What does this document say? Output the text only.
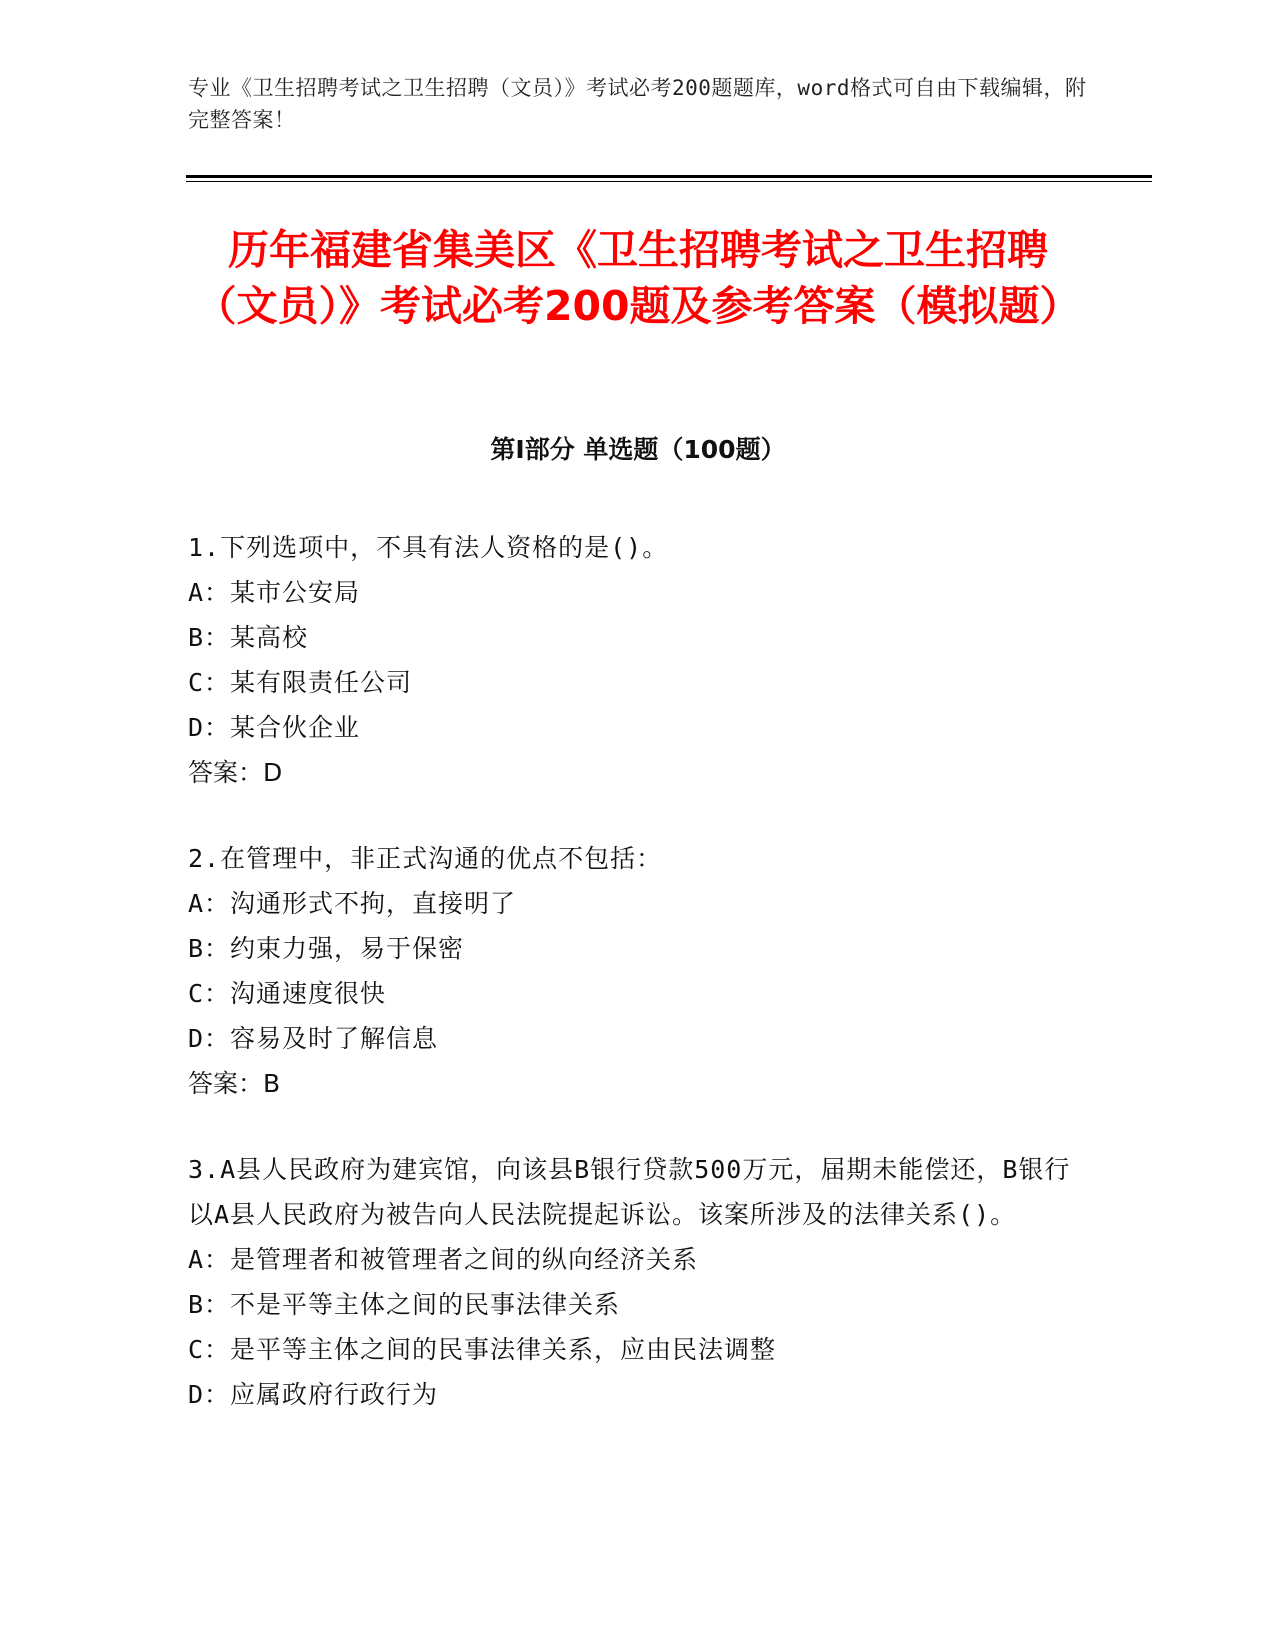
专业《卫生招聘考试之卫生招聘（文员）》考试必考200题题库，word格式可自由下载编辑，附完整答案！
历年福建省集美区《卫生招聘考试之卫生招聘（文员）》考试必考200题及参考答案（模拟题）
第I部分 单选题（100题）
1.下列选项中，不具有法人资格的是()。
A：某市公安局
B：某高校
C：某有限责任公司
D：某合伙企业
答案：D
2.在管理中，非正式沟通的优点不包括：
A：沟通形式不拘，直接明了
B：约束力强，易于保密
C：沟通速度很快
D：容易及时了解信息
答案：B
3.A县人民政府为建宾馆，向该县B银行贷款500万元，届期未能偿还，B银行以A县人民政府为被告向人民法院提起诉讼。该案所涉及的法律关系()。
A：是管理者和被管理者之间的纵向经济关系
B：不是平等主体之间的民事法律关系
C：是平等主体之间的民事法律关系，应由民法调整
D：应属政府行政行为
